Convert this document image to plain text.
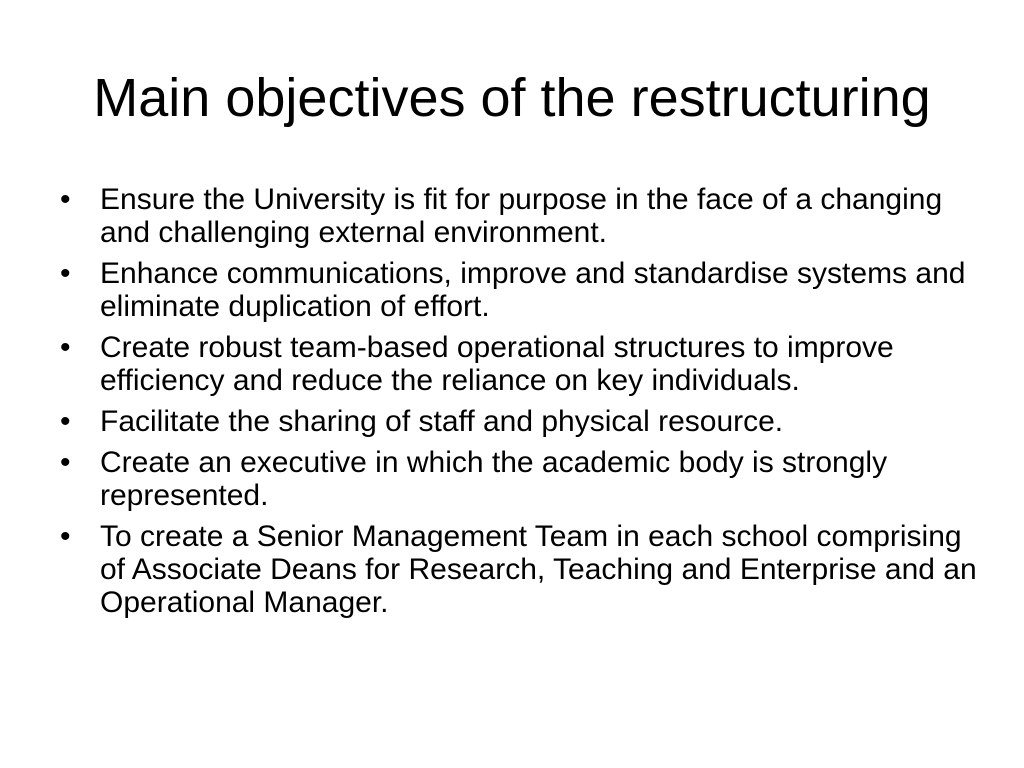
Main objectives of the restructuring
• Ensure the University is fit for purpose in the face of a changing and challenging external environment.
• Enhance communications, improve and standardise systems and eliminate duplication of effort.
• Create robust team-based operational structures to improve efficiency and reduce the reliance on key individuals.
• Facilitate the sharing of staff and physical resource.
• Create an executive in which the academic body is strongly represented.
• To create a Senior Management Team in each school comprising of Associate Deans for Research, Teaching and Enterprise and an Operational Manager.
